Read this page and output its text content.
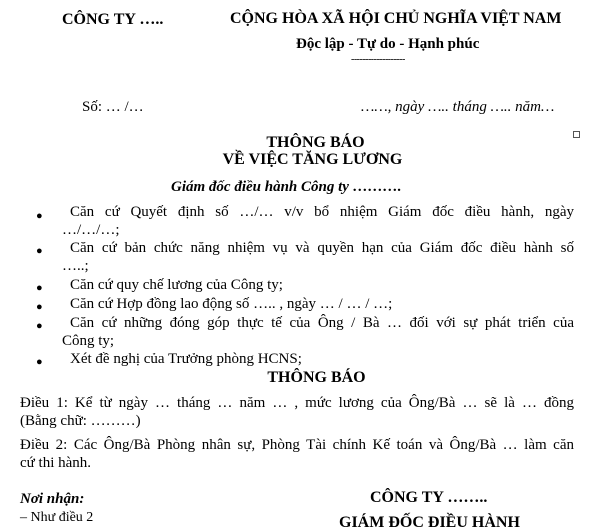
CÔNG TY …..	CỘNG HÒA XÃ HỘI CHỦ NGHĨA VIỆT NAM
Độc lập - Tự do - Hạnh phúc
-------------------
Số: … /…	……, ngày ….. tháng ….. năm…
THÔNG BÁO
VỀ VIỆC TĂNG LƯƠNG
Giám đốc điều hành Công ty ……….
● Căn cứ Quyết định số …/… v/v bổ nhiệm Giám đốc điều hành, ngày
…/…/…;
● Căn cứ bản chức năng nhiệm vụ và quyền hạn của Giám đốc điều hành số
…..;
● Căn cứ quy chế lương của Công ty;
● Căn cứ Hợp đồng lao động số ….. , ngày … / … / …;
● Căn cứ những đóng góp thực tế của Ông / Bà … đối với sự phát triển của
Công ty;
● Xét đề nghị của Trưởng phòng HCNS;
THÔNG BÁO
Điều 1: Kể từ ngày … tháng … năm … , mức lương của Ông/Bà … sẽ là … đồng
(Bằng chữ: ………)
Điều 2: Các Ông/Bà Phòng nhân sự, Phòng Tài chính Kế toán và Ông/Bà … làm căn
cứ thi hành.
Nơi nhận:
– Như điều 2
CÔNG TY ……..
GIÁM ĐỐC ĐIỀU HÀNH
